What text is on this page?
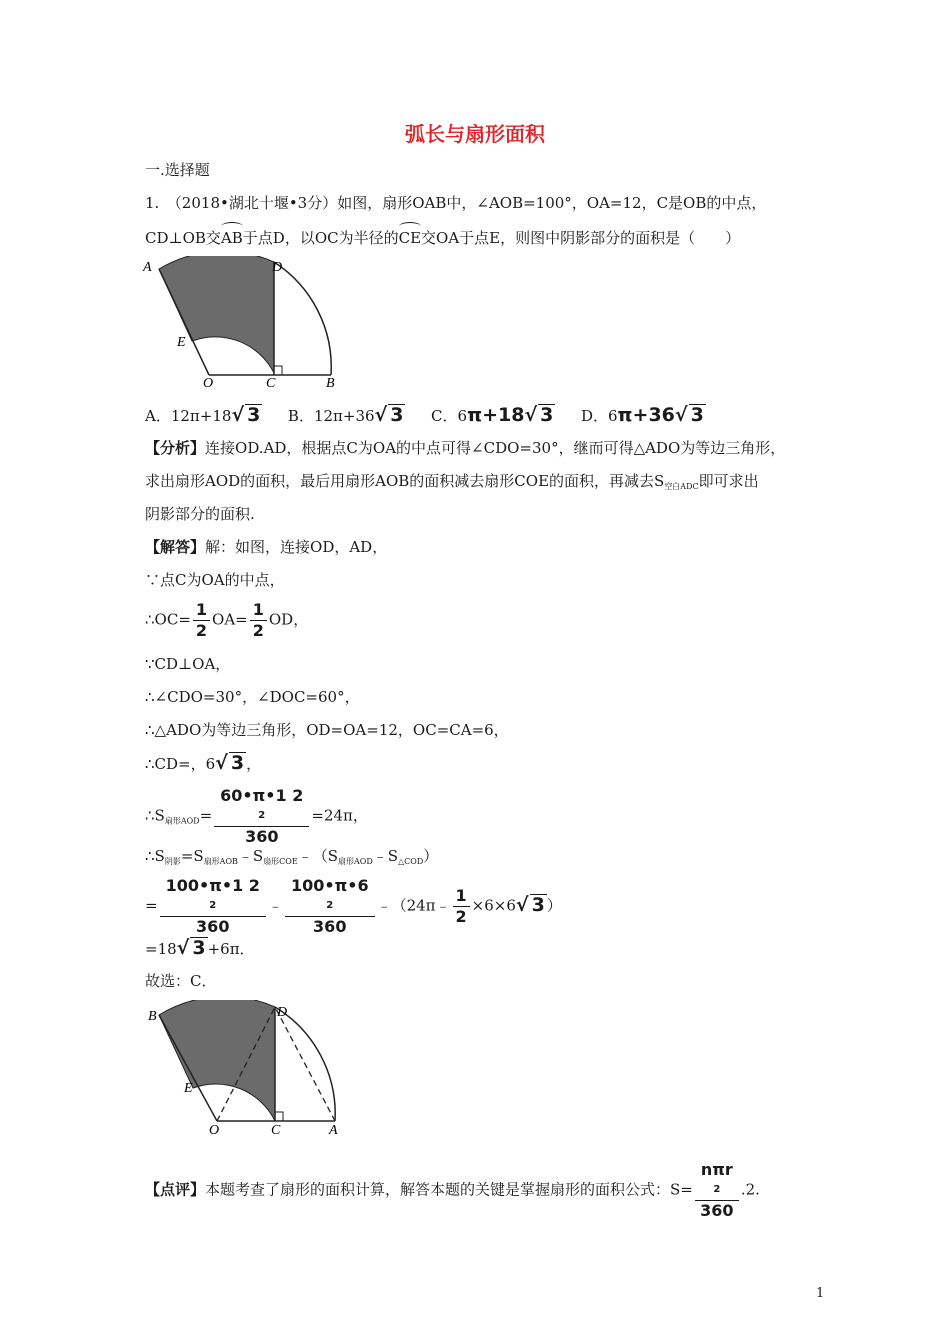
弧长与扇形面积
一.选择题
1.　（2018•湖北十堰•3分）如图，扇形OAB中，∠AOB=100°，OA=12，C是OB的中点，
CD⊥OB交
AB于点D，以OC为半径的
CE交OA于点E，则图中阴影部分的面积是（　　）
A	D
E
O	C	B
A．12π+18√ 3 B．12π+36√ 3 C．6π+18√ 3 D．6π+36√ 3
【分析】连接OD.AD，根据点C为OA的中点可得∠CDO=30°，继而可得△ADO为等边三角形，
求出扇形AOD的面积，最后用扇形AOB的面积减去扇形COE的面积，再减去$S_{空白ADC}$即可求出
阴影部分的面积.
【解答】解：如图，连接OD，AD，
∵点C为OA的中点，
∴OC= $\frac{1}{2} OA= \frac{1}{2}$ OD，
∵CD⊥OA，
∴∠CDO=30°，∠DOC=60°，
∴△ADO为等边三角形，OD=OA=12，OC=CA=6，
∴CD=，6√ 3 ，
$\therefore S_{扇形AOD}=$ 60•π•1 2
2
360 =24π，
$\therefore S_{阴影}=S_{扇形AOB}﹣S_{扇形COE}﹣(S_{扇形AOD}﹣S_{\triangle COD})$
= 100•π•1 2
2
360 ﹣ 100•π•6
2
360 ﹣（24π﹣ $\frac{1}{2} \times 6\times 6√$ 3 ）
=18√ 3 +6π．
故选：C．
B	D
E
O	C	A
【点评】本题考查了扇形的面积计算，解答本题的关键是掌握扇形的面积公式：S= nπr
2
360 .2.
1
